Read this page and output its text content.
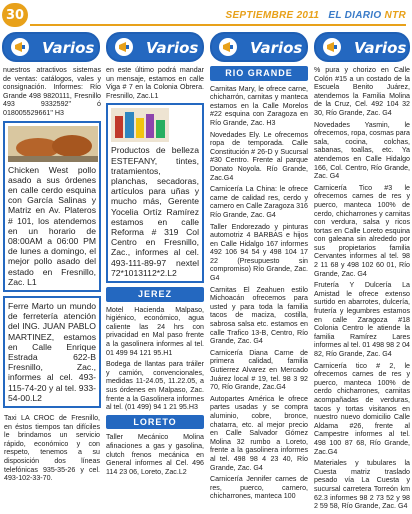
30	SEPTIEMBRE 2011 EL DIARIO NTR
Varios	Varios	Varios	Varios

nuestros atractivos sistemas de ventas: catálogos, vales y consignación. Informes: Río Grande 498 9820111, Fresnillo 493 9332592" ó 018005529661" H3

Chicken West pollo asado a sus órdenes en calle cerdo esquina con García Salinas y Matriz en Av. Plateros # 101, los atendemos en un horario de 08:00AM a 06:00 PM de lunes a domingo, el mejor pollo asado del estado en Fresnillo, Zac. L1
Ferre Marto un mundo de ferretería atención del ING. JUAN PABLO MARTINEZ, estamos en Calle Enrique Estrada 622-B Fresnillo, Zac., informes al cel. 493-115-74-20 y al tel. 933-54-00.L2
Taxi LA CROC de Fresnillo, en éstos tiempos tan difíciles le brindamos un servicio rápido, económico y con respeto, tenemos a su disposición dos líneas telefónicas 935-35-26 y cel. 493-102-33-70.

en este último podrá mandar un mensaje, estamos en calle Viga # 7 en la Colonia Obrera. Fresnillo, Zac.L1

Productos de belleza ESTEFANY, tintes, tratamientos, planchas, secadoras, artículos para uñas y mucho más, Gerente Yocelia Ortíz Ramírez estamos en calle Reforma # 319 Col Centro en Fresnillo, Zac., informes al cel. 493-111-89-97 nextel 72*1013112*2.L2
JEREZ

Motel Hacienda Malpaso, higiénico, económico, agua caliente las 24 hrs con privacidad en Mal paso frente a la gasolinera informes al tel. 01 499 94 121 95.H1

Bodega de llantas para tráiler y camión, convencionales, medidas 11-24.05, 11.22.05, a sus órdenes en Malpaso, Zac. frente a la Gasolinera informes al tel. (01 499) 94 1 21 95.H3

LORETO

Taller Mecánico Molina afinaciones a gas y gasolina, clutch frenos mecánica en General informes al Cel. 496 114 23 06, Loreto, Zac.L2

RIO GRANDE

Carnitas Mary, le ofrece carne, chicharrón, carnitas y manteca estamos en la Calle Morelos #22 esquina con Zaragoza en Río Grande, Zac. H3

Novedades Ely. Le ofrecemos ropa de temporada. Calle Constitución # 26-D y Sucursal #30 Centro. Frente al parque Donato Noyola. Río Grande, Zac.G4

Carnicería La China: le ofrece carne de calidad res, cerdo y carnero en Calle Zaragoza 316 Río Grande, Zac. G4

Taller Endorezado y pinturas automotriz 4 BARBAS e hijos en Calle Hidalgo 167 informes 492 106 94 54 y 498 104 17 22 (Presupuesto sin compromiso) Río Grande, Zac. G4

Carnitas El Zeahuen estilo Michoacán ofrecemos para usted y para toda la familia tacos de maciza, costilla, sabrosa salsa etc. estamos en calle Trafico 13-B, Centro, Río Grande, Zac. G4

Carnicería Diana Carne de primera calidad, familia Gutierrez Alvarez en Mercado Juárez local # 19, tel. 98 3 92 70, Río Grande, Zac.G4

Autopartes América le ofrece partes usadas y se compra aluminio, cobre, bronce, chatarra, etc. al mejor precio en Calle Salvador Gómez Molina 32 rumbo a Loreto, frente a la gasolinera informes al tel. 498 98 4 23 40, Río Grande, Zac. G4

Carnicería Jennifer carnes de res, puerco, carnero, chicharrones, manteca 100

% pura y chorizo en Calle Colón #15 a un costado de la Escuela Benito Juárez, atendemos la Familia Molina de la Cruz, Cel. 492 104 32 30, Río Grande, Zac. G4

Novedades Yasmin, le ofrecemos, ropa, cosmas para sala, cocina, colchas, sabanas, toallas, etc. Ya atendemos en Calle Hidalgo 166, Col. Centro, Río Grande, Zac. G4

Carnicería Tico #3 le ofrecemos carnes de res y puerco, manteca 100% de cerdo, chicharrones y carnitas con verdura, salsa y ricos tortas en Calle Loreto esquina con galeana sin alrededo por sus propietarios familia Cervantes informes al tel. 98 2 11 68 y 498 102 60 01, Río Grande, Zac. G4

Frutería Y Dulcería La Amistad le ofrece extenso surtido en abarrotes, dulcería, frutería y legumbres estamos en calle Zaragoza #18 Colonia Centro le atiende la familia Ramírez Lares informes al tel. 01 498 98 2 04 82, Río Grande, Zac. G4

Carnicería tico # 2, le ofrecemos carnes de res y puerco, manteca 100% de cerdo chicharrones, carnitas acompañadas de verduras, tacos y tortas visitanos en nuestro nuevo domicilio Calle Aldama #26, frente al Campestre informes al tel. 498 100 87 68, Río Grande, Zac.G4

Materiales y tubulares la Cuesta matriz traslado pesado vía La Cuesta y sucursal carretera Torreón km 62.3 informes 98 2 73 52 y 98 2 59 58, Río Grande, Zac. G4
